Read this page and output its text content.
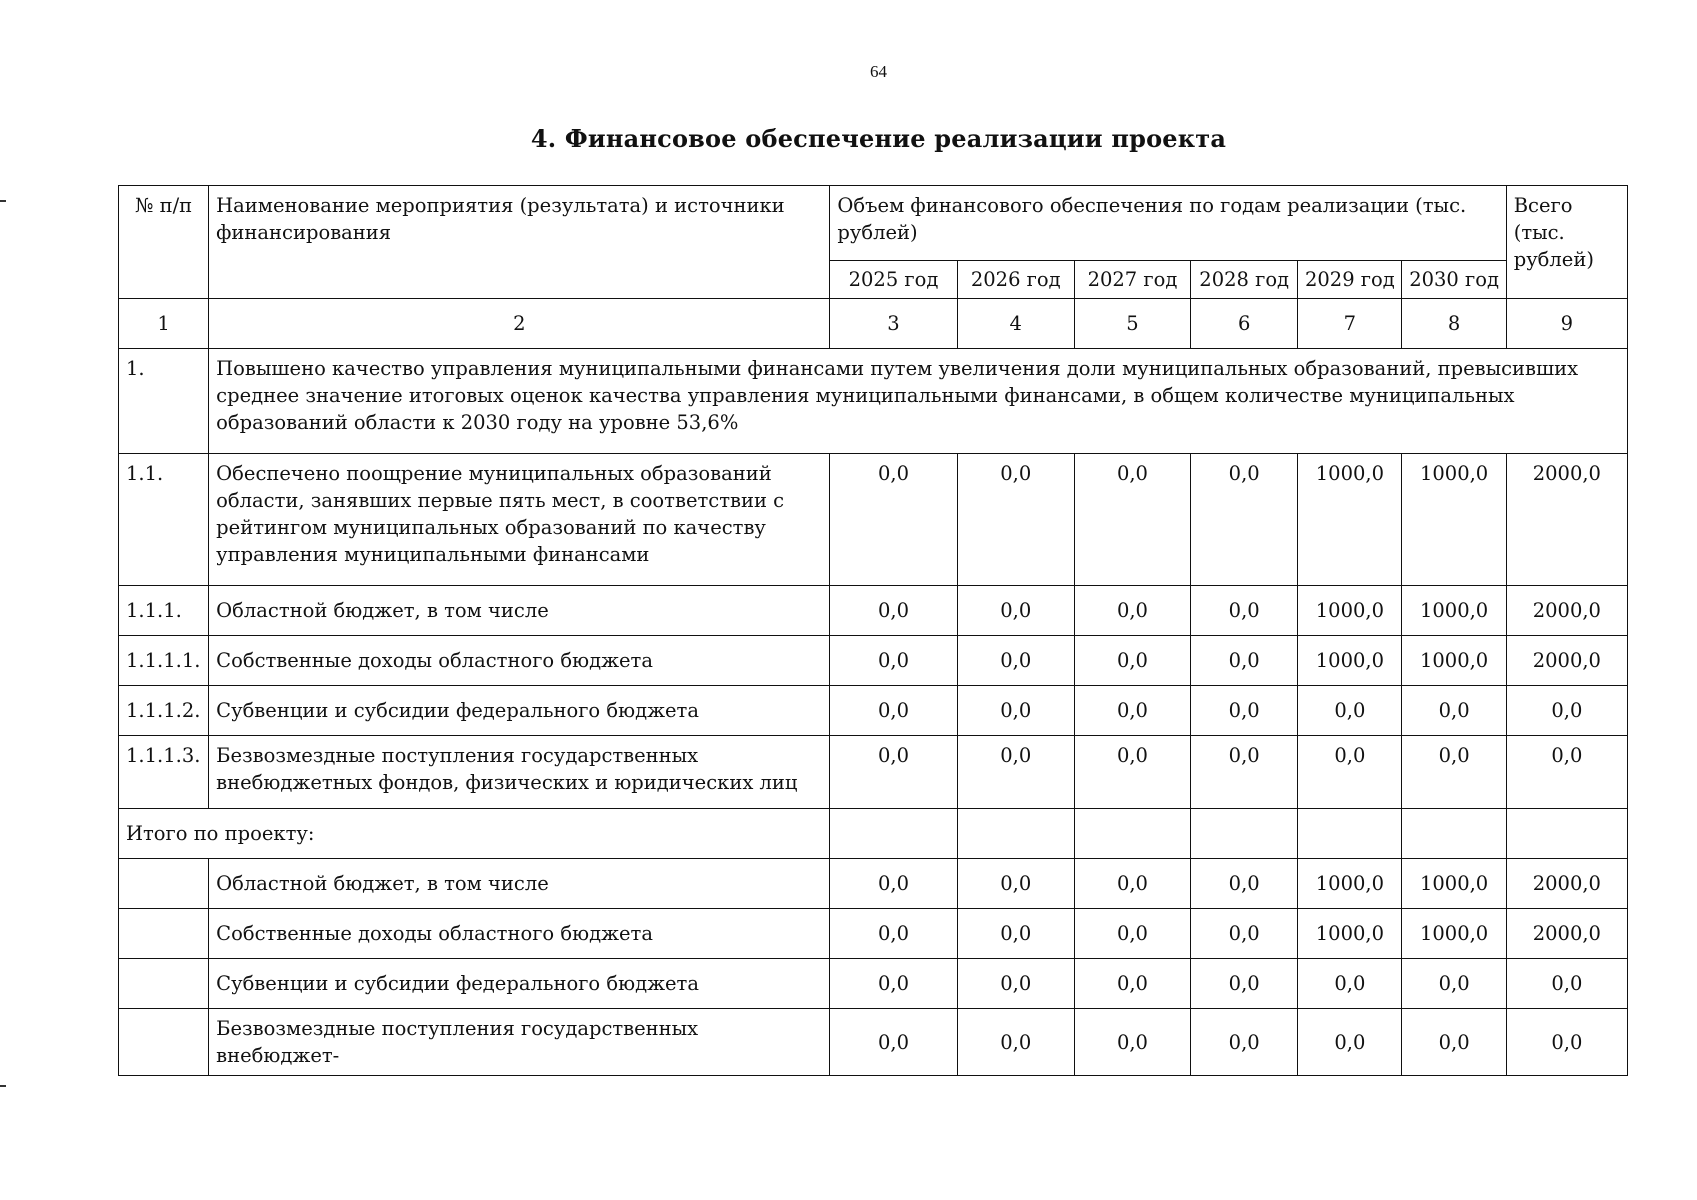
64
4. Финансовое обеспечение реализации проекта
№ п/п	Наименование мероприятия (результата) и источники финансирования	Объем финансового обеспечения по годам реализации (тыс. рублей)						Всего (тыс. рублей)
		2025 год	2026 год	2027 год	2028 год	2029 год	2030 год	
1	2	3	4	5	6	7	8	9
1.	Повышено качество управления муниципальными финансами путем увеличения доли муниципальных образований, превысивших среднее значение итоговых оценок качества управления муниципальными финансами, в общем количестве муниципальных образований области к 2030 году на уровне 53,6%							
1.1.	Обеспечено поощрение муниципальных образований области, занявших первые пять мест, в соответствии с рейтингом муниципальных образований по качеству управления муниципальными финансами	0,0	0,0	0,0	0,0	1000,0	1000,0	2000,0
1.1.1.	Областной бюджет, в том числе	0,0	0,0	0,0	0,0	1000,0	1000,0	2000,0
1.1.1.1.	Собственные доходы областного бюджета	0,0	0,0	0,0	0,0	1000,0	1000,0	2000,0
1.1.1.2.	Субвенции и субсидии федерального бюджета	0,0	0,0	0,0	0,0	0,0	0,0	0,0
1.1.1.3.	Безвозмездные поступления государственных внебюджетных фондов, физических и юридических лиц	0,0	0,0	0,0	0,0	0,0	0,0	0,0
Итого по проекту:								
	Областной бюджет, в том числе	0,0	0,0	0,0	0,0	1000,0	1000,0	2000,0
	Собственные доходы областного бюджета	0,0	0,0	0,0	0,0	1000,0	1000,0	2000,0
	Субвенции и субсидии федерального бюджета	0,0	0,0	0,0	0,0	0,0	0,0	0,0
	Безвозмездные поступления государственных внебюджет-	0,0	0,0	0,0	0,0	0,0	0,0	0,0
